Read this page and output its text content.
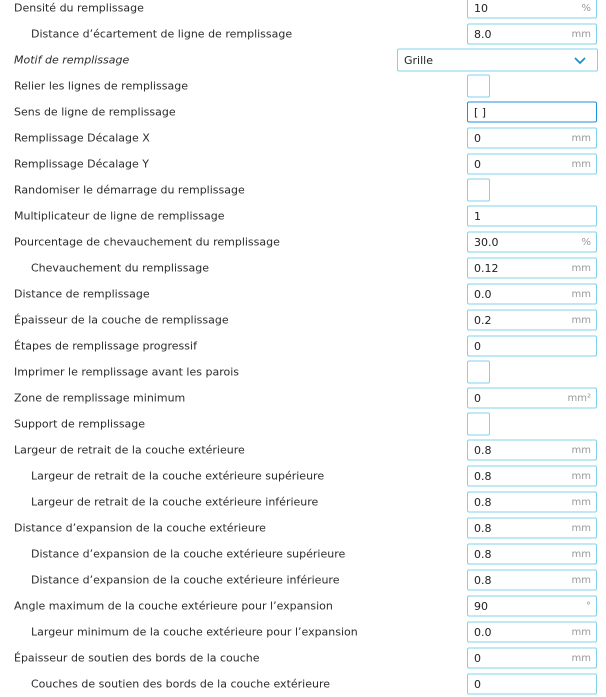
Densité du remplissage	10	%
Distance d’écartement de ligne de remplissage	8.0	mm
Motif de remplissage	Grille
Relier les lignes de remplissage
Sens de ligne de remplissage	[ ]
Remplissage Décalage X	0	mm
Remplissage Décalage Y	0	mm
Randomiser le démarrage du remplissage
Multiplicateur de ligne de remplissage	1
Pourcentage de chevauchement du remplissage	30.0	%
Chevauchement du remplissage	0.12	mm
Distance de remplissage	0.0	mm
Épaisseur de la couche de remplissage	0.2	mm
Étapes de remplissage progressif	0
Imprimer le remplissage avant les parois
Zone de remplissage minimum	0	mm²
Support de remplissage
Largeur de retrait de la couche extérieure	0.8	mm
Largeur de retrait de la couche extérieure supérieure	0.8	mm
Largeur de retrait de la couche extérieure inférieure	0.8	mm
Distance d’expansion de la couche extérieure	0.8	mm
Distance d’expansion de la couche extérieure supérieure	0.8	mm
Distance d’expansion de la couche extérieure inférieure	0.8	mm
Angle maximum de la couche extérieure pour l’expansion	90	°
Largeur minimum de la couche extérieure pour l’expansion	0.0	mm
Épaisseur de soutien des bords de la couche	0	mm
Couches de soutien des bords de la couche extérieure	0
